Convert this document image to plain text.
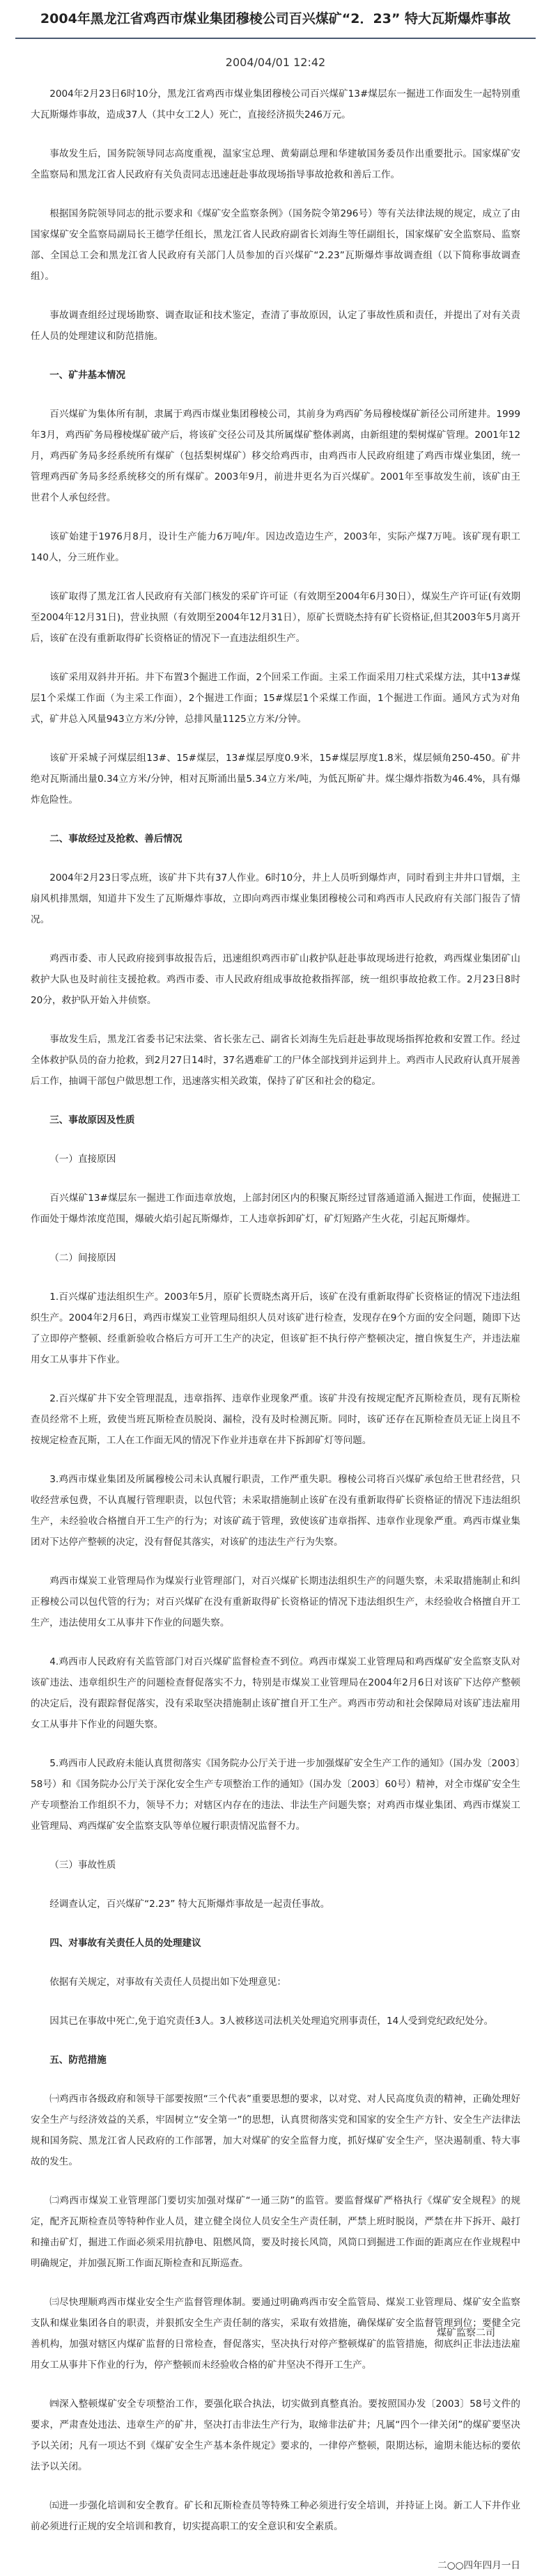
2004年黑龙江省鸡西市煤业集团穆棱公司百兴煤矿“2．23” 特大瓦斯爆炸事故
2004/04/01 12:42

2004年2月23日6时10分，黑龙江省鸡西市煤业集团穆棱公司百兴煤矿13#煤层东一掘进工作面发生一起特别重大瓦斯爆炸事故，造成37人（其中女工2人）死亡，直接经济损失246万元。

事故发生后，国务院领导同志高度重视，温家宝总理、黄菊副总理和华建敏国务委员作出重要批示。国家煤矿安全监察局和黑龙江省人民政府有关负责同志迅速赶赴事故现场指导事故抢救和善后工作。

根据国务院领导同志的批示要求和《煤矿安全监察条例》（国务院令第296号）等有关法律法规的规定，成立了由国家煤矿安全监察局副局长王德学任组长，黑龙江省人民政府副省长刘海生等任副组长，国家煤矿安全监察局、监察部、全国总工会和黑龙江省人民政府有关部门人员参加的百兴煤矿“2.23”瓦斯爆炸事故调查组（以下简称事故调查组）。

事故调查组经过现场勘察、调查取证和技术鉴定，查清了事故原因，认定了事故性质和责任，并提出了对有关责任人员的处理建议和防范措施。

一、矿井基本情况

百兴煤矿为集体所有制，隶属于鸡西市煤业集团穆棱公司，其前身为鸡西矿务局穆棱煤矿新径公司所建井。1999年3月，鸡西矿务局穆棱煤矿破产后，将该矿交径公司及其所属煤矿整体剥离，由新组建的梨树煤矿管理。2001年12月，鸡西矿务局多经系统所有煤矿（包括梨树煤矿）移交给鸡西市，由鸡西市人民政府组建了鸡西市煤业集团，统一管理鸡西矿务局多经系统移交的所有煤矿。2003年9月，前进井更名为百兴煤矿。2001年至事故发生前，该矿由王世君个人承包经营。

该矿始建于1976月8月，设计生产能力6万吨/年。因边改造边生产，2003年，实际产煤7万吨。该矿现有职工140人，分三班作业。

该矿取得了黑龙江省人民政府有关部门核发的采矿许可证（有效期至2004年6月30日），煤炭生产许可证(有效期至2004年12月31日)，营业执照（有效期至2004年12月31日），原矿长贾晓杰持有矿长资格证,但其2003年5月离开后，该矿在没有重新取得矿长资格证的情况下一直违法组织生产。

该矿采用双斜井开拓。井下布置3个掘进工作面，2个回采工作面。主采工作面采用刀柱式采煤方法，其中13#煤层1个采煤工作面（为主采工作面），2个掘进工作面；15#煤层1个采煤工作面，1个掘进工作面。通风方式为对角式，矿井总入风量943立方米/分钟，总排风量1125立方米/分钟。

该矿开采城子河煤层组13#、15#煤层，13#煤层厚度0.9米，15#煤层厚度1.8米，煤层倾角250-450。矿井绝对瓦斯涌出量0.34立方米/分钟，相对瓦斯涌出量5.34立方米/吨，为低瓦斯矿井。煤尘爆炸指数为46.4%，具有爆炸危险性。

二、事故经过及抢救、善后情况

2004年2月23日零点班，该矿井下共有37人作业。6时10分，井上人员听到爆炸声，同时看到主井井口冒烟，主扇风机排黑烟，知道井下发生了瓦斯爆炸事故，立即向鸡西市煤业集团穆棱公司和鸡西市人民政府有关部门报告了情况。

鸡西市委、市人民政府接到事故报告后，迅速组织鸡西市矿山救护队赶赴事故现场进行抢救，鸡西煤业集团矿山救护大队也及时前往支援抢救。鸡西市委、市人民政府组成事故抢救指挥部，统一组织事故抢救工作。2月23日8时20分，救护队开始入井侦察。

事故发生后，黑龙江省委书记宋法棠、省长张左己、副省长刘海生先后赶赴事故现场指挥抢救和安置工作。经过全体救护队员的奋力抢救，到2月27日14时，37名遇难矿工的尸体全部找到并运到井上。鸡西市人民政府认真开展善后工作，抽调干部包户做思想工作，迅速落实相关政策，保持了矿区和社会的稳定。

三、事故原因及性质

（一）直接原因

百兴煤矿13#煤层东一掘进工作面违章放炮，上部封闭区内的积聚瓦斯经过冒落通道涌入掘进工作面，使掘进工作面处于爆炸浓度范围，爆破火焰引起瓦斯爆炸，工人违章拆卸矿灯，矿灯短路产生火花，引起瓦斯爆炸。

（二）间接原因

1.百兴煤矿违法组织生产。2003年5月，原矿长贾晓杰离开后，该矿在没有重新取得矿长资格证的情况下违法组织生产。2004年2月6日，鸡西市煤炭工业管理局组织人员对该矿进行检查，发现存在9个方面的安全问题，随即下达了立即停产整顿、经重新验收合格后方可开工生产的决定，但该矿拒不执行停产整顿决定，擅自恢复生产，并违法雇用女工从事井下作业。

2.百兴煤矿井下安全管理混乱，违章指挥、违章作业现象严重。该矿井没有按规定配齐瓦斯检查员，现有瓦斯检查员经常不上班，致使当班瓦斯检查员脱岗、漏检，没有及时检测瓦斯。同时，该矿还存在瓦斯检查员无证上岗且不按规定检查瓦斯，工人在工作面无风的情况下作业并违章在井下拆卸矿灯等问题。

3.鸡西市煤业集团及所属穆棱公司未认真履行职责，工作严重失职。穆棱公司将百兴煤矿承包给王世君经营，只收经营承包费，不认真履行管理职责，以包代管；未采取措施制止该矿在没有重新取得矿长资格证的情况下违法组织生产，未经验收合格擅自开工生产的行为；对该矿疏于管理，致使该矿违章指挥、违章作业现象严重。鸡西市煤业集团对下达停产整顿的决定，没有督促其落实，对该矿的违法生产行为失察。

鸡西市煤炭工业管理局作为煤炭行业管理部门，对百兴煤矿长期违法组织生产的问题失察，未采取措施制止和纠正穆棱公司以包代管的行为；对百兴煤矿在没有重新取得矿长资格证的情况下违法组织生产，未经验收合格擅自开工生产，违法使用女工从事井下作业的问题失察。

4.鸡西市人民政府有关监管部门对百兴煤矿监督检查不到位。鸡西市煤炭工业管理局和鸡西煤矿安全监察支队对该矿违法、违章组织生产的问题检查督促落实不力，特别是市煤炭工业管理局在2004年2月6日对该矿下达停产整顿的决定后，没有跟踪督促落实，没有采取坚决措施制止该矿擅自开工生产。鸡西市劳动和社会保障局对该矿违法雇用女工从事井下作业的问题失察。

5.鸡西市人民政府未能认真贯彻落实《国务院办公厅关于进一步加强煤矿安全生产工作的通知》（国办发〔2003〕58号）和《国务院办公厅关于深化安全生产专项整治工作的通知》（国办发〔2003〕60号）精神，对全市煤矿安全生产专项整治工作组织不力，领导不力；对辖区内存在的违法、非法生产问题失察；对鸡西市煤业集团、鸡西市煤炭工业管理局、鸡西煤矿安全监察支队等单位履行职责情况监督不力。

（三）事故性质

经调查认定，百兴煤矿“2.23” 特大瓦斯爆炸事故是一起责任事故。

四、对事故有关责任人员的处理建议

依据有关规定，对事故有关责任人员提出如下处理意见：

因其已在事故中死亡,免于追究责任3人。3人被移送司法机关处理追究刑事责任，14人受到党纪政纪处分。

五、防范措施

㈠鸡西市各级政府和领导干部要按照“三个代表”重要思想的要求，以对党、对人民高度负责的精神，正确处理好安全生产与经济效益的关系，牢固树立“安全第一”的思想，认真贯彻落实党和国家的安全生产方针、安全生产法律法规和国务院、黑龙江省人民政府的工作部署，加大对煤矿的安全监督力度，抓好煤矿安全生产，坚决遏制重、特大事故的发生。

㈡鸡西市煤炭工业管理部门要切实加强对煤矿“一通三防”的监管。要监督煤矿严格执行《煤矿安全规程》的规定，配齐瓦斯检查员等特种作业人员，建立健全岗位人员安全生产责任制，严禁上班时脱岗，严禁在井下拆开、敲打和撞击矿灯，掘进工作面必须采用抗静电、阻燃风筒，要及时接长风筒，风筒口到掘进工作面的距离应在作业规程中明确规定，并加强瓦斯工作面瓦斯检查和瓦斯巡查。

㈢尽快理顺鸡西市煤业安全生产监督管理体制。要通过明确鸡西市安全监管局、煤炭工业管理局、煤矿安全监察支队和煤业集团各自的职责，并狠抓安全生产责任制的落实，采取有效措施，确保煤矿安全监督管理到位；要健全完善机构，加强对辖区内煤矿监督的日常检查，督促落实，坚决执行对停产整顿煤矿的监管措施，彻底纠正非法违法雇用女工从事井下作业的行为，停产整顿而未经验收合格的矿井坚决不得开工生产。

㈣深入整顿煤矿安全专项整治工作，要强化联合执法，切实做到真整真治。要按照国办发〔2003〕58号文件的要求，严肃查处违法、违章生产的矿井，坚决打击非法生产行为，取缔非法矿井；凡属“四个一律关闭”的煤矿要坚决予以关闭；凡有一项达不到《煤矿安全生产基本条件规定》要求的，一律停产整顿，限期达标，逾期未能达标的要依法予以关闭。

㈤进一步强化培训和安全教育。矿长和瓦斯检查员等特殊工种必须进行安全培训，并持证上岗。新工人下井作业前必须进行正规的安全培训和教育，切实提高职工的安全意识和安全素质。

二○○四年四月一日

煤矿监察二司
